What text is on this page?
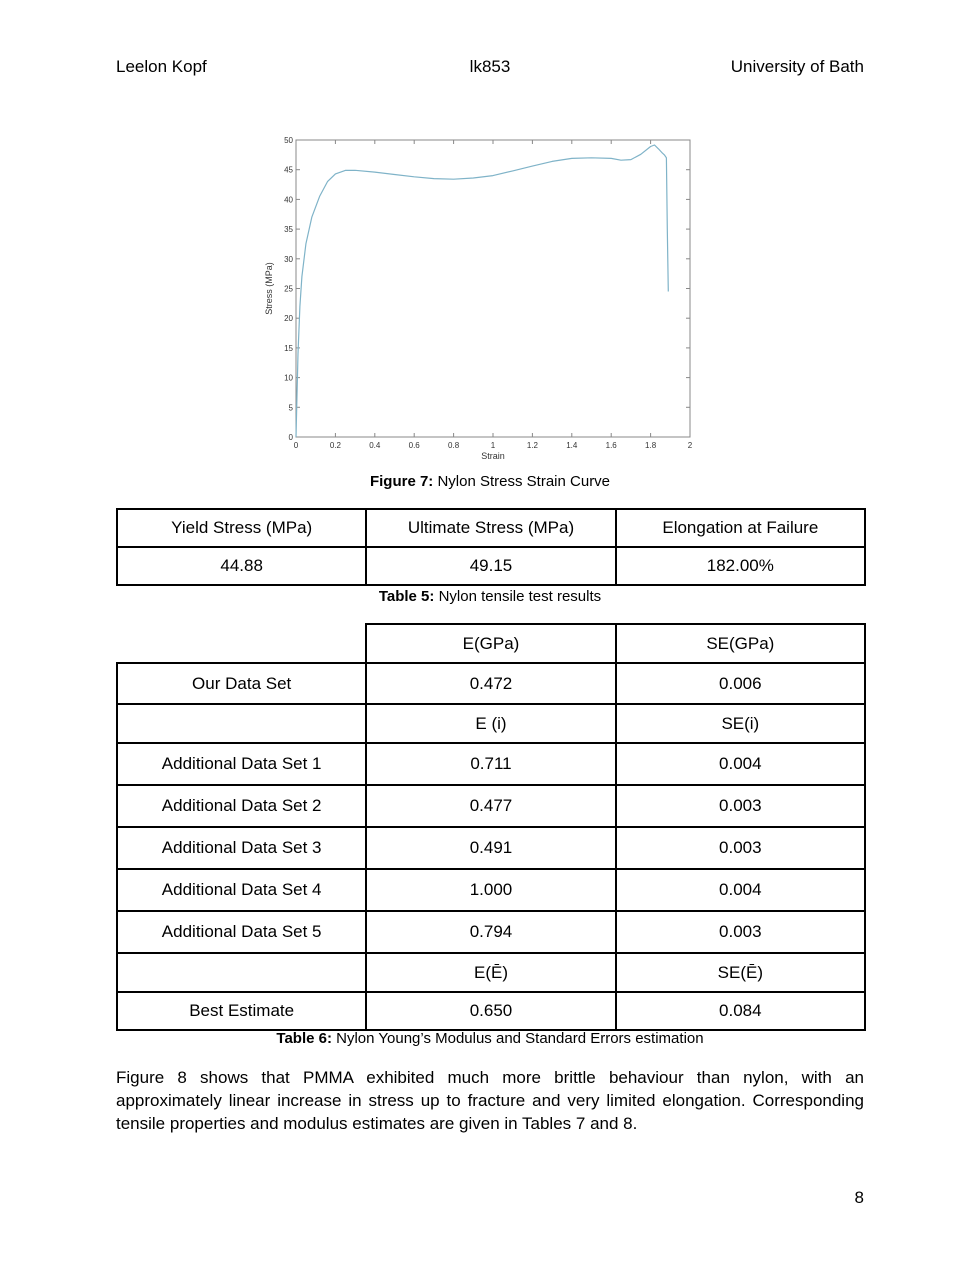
Leelon Kopf	lk853	University of Bath
0	0.2	0.4	0.6	0.8	1	1.2	1.4	1.6	1.8	2
0
5
10
15
20
25
30
35
40
45
50
Strain
Stress (MPa)
Figure 7: Nylon Stress Strain Curve
Yield Stress (MPa)	Ultimate Stress (MPa)	Elongation at Failure
44.88	49.15	182.00%
Table 5: Nylon tensile test results
	E(GPa)	SE(GPa)
Our Data Set	0.472	0.006
	E (i)	SE(i)
Additional Data Set 1	0.711	0.004
Additional Data Set 2	0.477	0.003
Additional Data Set 3	0.491	0.003
Additional Data Set 4	1.000	0.004
Additional Data Set 5	0.794	0.003
	E(Ē)	SE(Ē)
Best Estimate	0.650	0.084
Table 6: Nylon Young’s Modulus and Standard Errors estimation

Figure 8 shows that PMMA exhibited much more brittle behaviour than nylon, with an approximately linear increase in stress up to fracture and very limited elongation. Corresponding tensile properties and modulus estimates are given in Tables 7 and 8.

8
